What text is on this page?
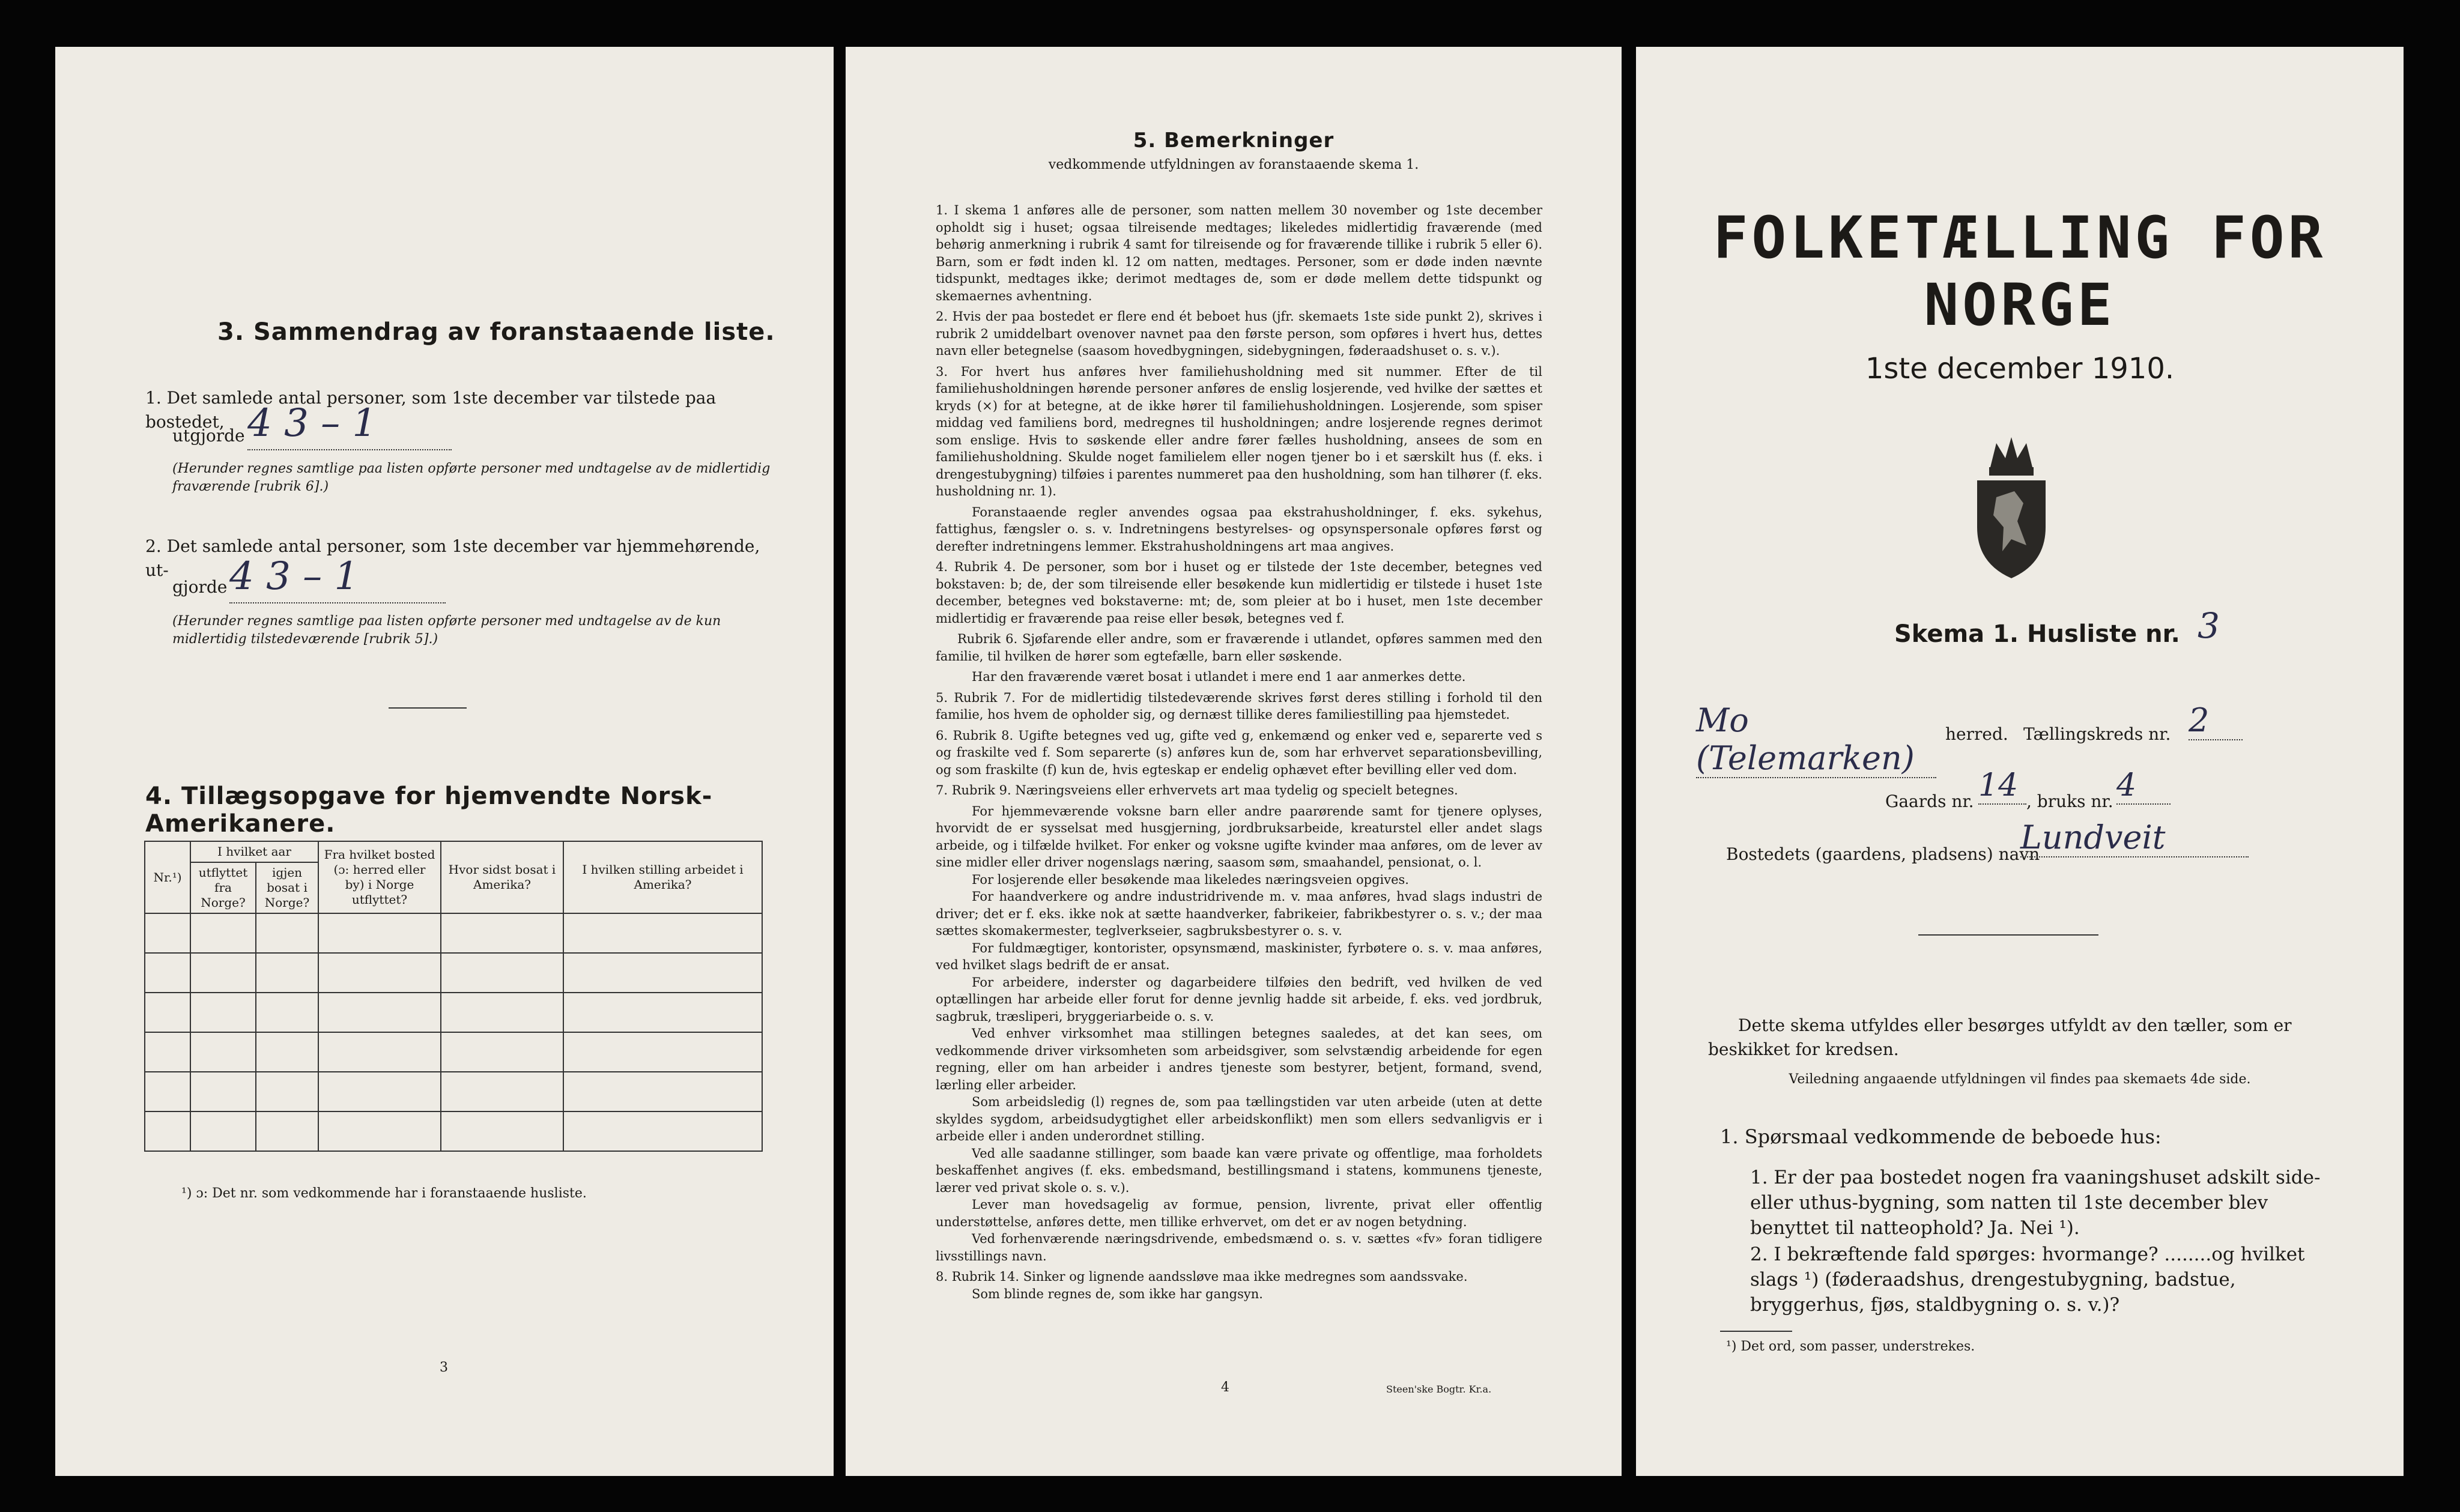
3. Sammendrag av foranstaaende liste.
1. Det samlede antal personer, som 1ste december var tilstede paa bostedet,
utgjorde 4 3 – 1
(Herunder regnes samtlige paa listen opførte personer med undtagelse av de midlertidig fraværende [rubrik 6].)
2. Det samlede antal personer, som 1ste december var hjemmehørende, ut-
gjorde 4 3 – 1
(Herunder regnes samtlige paa listen opførte personer med undtagelse av de kun midlertidig tilstedeværende [rubrik 5].)
4. Tillægsopgave for hjemvendte Norsk-Amerikanere.
Nr.¹)	I hvilket aar		Fra hvilket bosted (ɔ: herred eller by) i Norge utflyttet?	Hvor sidst bosat i Amerika?	I hvilken stilling arbeidet i Amerika?
	utflyttet fra Norge?	igjen bosat i Norge?			

¹) ɔ: Det nr. som vedkommende har i foranstaaende husliste.
3
5. Bemerkninger
vedkommende utfyldningen av foranstaaende skema 1.

1. I skema 1 anføres alle de personer, som natten mellem 30 november og 1ste december opholdt sig i huset; ogsaa tilreisende medtages; likeledes midlertidig fraværende (med behørig anmerkning i rubrik 4 samt for tilreisende og for fraværende tillike i rubrik 5 eller 6). Barn, som er født inden kl. 12 om natten, medtages. Personer, som er døde inden nævnte tidspunkt, medtages ikke; derimot medtages de, som er døde mellem dette tidspunkt og skemaernes avhentning.

2. Hvis der paa bostedet er flere end ét beboet hus (jfr. skemaets 1ste side punkt 2), skrives i rubrik 2 umiddelbart ovenover navnet paa den første person, som opføres i hvert hus, dettes navn eller betegnelse (saasom hovedbygningen, sidebygningen, føderaadshuset o. s. v.).

3. For hvert hus anføres hver familiehusholdning med sit nummer. Efter de til familiehusholdningen hørende personer anføres de enslig losjerende, ved hvilke der sættes et kryds (×) for at betegne, at de ikke hører til familiehusholdningen. Losjerende, som spiser middag ved familiens bord, medregnes til husholdningen; andre losjerende regnes derimot som enslige. Hvis to søskende eller andre fører fælles husholdning, ansees de som en familiehusholdning. Skulde noget familielem eller nogen tjener bo i et særskilt hus (f. eks. i drengestubygning) tilføies i parentes nummeret paa den husholdning, som han tilhører (f. eks. husholdning nr. 1).

Foranstaaende regler anvendes ogsaa paa ekstrahusholdninger, f. eks. sykehus, fattighus, fængsler o. s. v. Indretningens bestyrelses- og opsynspersonale opføres først og derefter indretningens lemmer. Ekstrahusholdningens art maa angives.

4. Rubrik 4. De personer, som bor i huset og er tilstede der 1ste december, betegnes ved bokstaven: b; de, der som tilreisende eller besøkende kun midlertidig er tilstede i huset 1ste december, betegnes ved bokstaverne: mt; de, som pleier at bo i huset, men 1ste december midlertidig er fraværende paa reise eller besøk, betegnes ved f.

Rubrik 6. Sjøfarende eller andre, som er fraværende i utlandet, opføres sammen med den familie, til hvilken de hører som egtefælle, barn eller søskende.

Har den fraværende været bosat i utlandet i mere end 1 aar anmerkes dette.

5. Rubrik 7. For de midlertidig tilstedeværende skrives først deres stilling i forhold til den familie, hos hvem de opholder sig, og dernæst tillike deres familiestilling paa hjemstedet.

6. Rubrik 8. Ugifte betegnes ved ug, gifte ved g, enkemænd og enker ved e, separerte ved s og fraskilte ved f. Som separerte (s) anføres kun de, som har erhvervet separationsbevilling, og som fraskilte (f) kun de, hvis egteskap er endelig ophævet efter bevilling eller ved dom.

7. Rubrik 9. Næringsveiens eller erhvervets art maa tydelig og specielt betegnes.

For hjemmeværende voksne barn eller andre paarørende samt for tjenere oplyses, hvorvidt de er sysselsat med husgjerning, jordbruksarbeide, kreaturstel eller andet slags arbeide, og i tilfælde hvilket. For enker og voksne ugifte kvinder maa anføres, om de lever av sine midler eller driver nogenslags næring, saasom søm, smaahandel, pensionat, o. l.

For losjerende eller besøkende maa likeledes næringsveien opgives.

For haandverkere og andre industridrivende m. v. maa anføres, hvad slags industri de driver; det er f. eks. ikke nok at sætte haandverker, fabrikeier, fabrikbestyrer o. s. v.; der maa sættes skomakermester, teglverkseier, sagbruksbestyrer o. s. v.

For fuldmægtiger, kontorister, opsynsmænd, maskinister, fyrbøtere o. s. v. maa anføres, ved hvilket slags bedrift de er ansat.

For arbeidere, inderster og dagarbeidere tilføies den bedrift, ved hvilken de ved optællingen har arbeide eller forut for denne jevnlig hadde sit arbeide, f. eks. ved jordbruk, sagbruk, træsliperi, bryggeriarbeide o. s. v.

Ved enhver virksomhet maa stillingen betegnes saaledes, at det kan sees, om vedkommende driver virksomheten som arbeidsgiver, som selvstændig arbeidende for egen regning, eller om han arbeider i andres tjeneste som bestyrer, betjent, formand, svend, lærling eller arbeider.

Som arbeidsledig (l) regnes de, som paa tællingstiden var uten arbeide (uten at dette skyldes sygdom, arbeidsudygtighet eller arbeidskonflikt) men som ellers sedvanligvis er i arbeide eller i anden underordnet stilling.

Ved alle saadanne stillinger, som baade kan være private og offentlige, maa forholdets beskaffenhet angives (f. eks. embedsmand, bestillingsmand i statens, kommunens tjeneste, lærer ved privat skole o. s. v.).

Lever man hovedsagelig av formue, pension, livrente, privat eller offentlig understøttelse, anføres dette, men tillike erhvervet, om det er av nogen betydning.

Ved forhenværende næringsdrivende, embedsmænd o. s. v. sættes «fv» foran tidligere livsstillings navn.

8. Rubrik 14. Sinker og lignende aandssløve maa ikke medregnes som aandssvake.

Som blinde regnes de, som ikke har gangsyn.

4	Steen'ske Bogtr. Kr.a.
FOLKETÆLLING FOR NORGE
1ste december 1910.
Skema 1. Husliste nr. 3
Mo (Telemarken)
herred. Tællingskreds nr. 2
Gaards nr. 14 , bruks nr. 4
Bostedets (gaardens, pladsens) navn
Lundveit
Dette skema utfyldes eller besørges utfyldt av den tæller, som er beskikket for kredsen.
Veiledning angaaende utfyldningen vil findes paa skemaets 4de side.
1. Spørsmaal vedkommende de beboede hus:
1. Er der paa bostedet nogen fra vaaningshuset adskilt side- eller uthus-bygning, som natten til 1ste december blev benyttet til natteophold? Ja. Nei ¹).
2. I bekræftende fald spørges: hvormange? ........og hvilket slags ¹) (føderaadshus, drengestubygning, badstue, bryggerhus, fjøs, staldbygning o. s. v.)?
¹) Det ord, som passer, understrekes.
